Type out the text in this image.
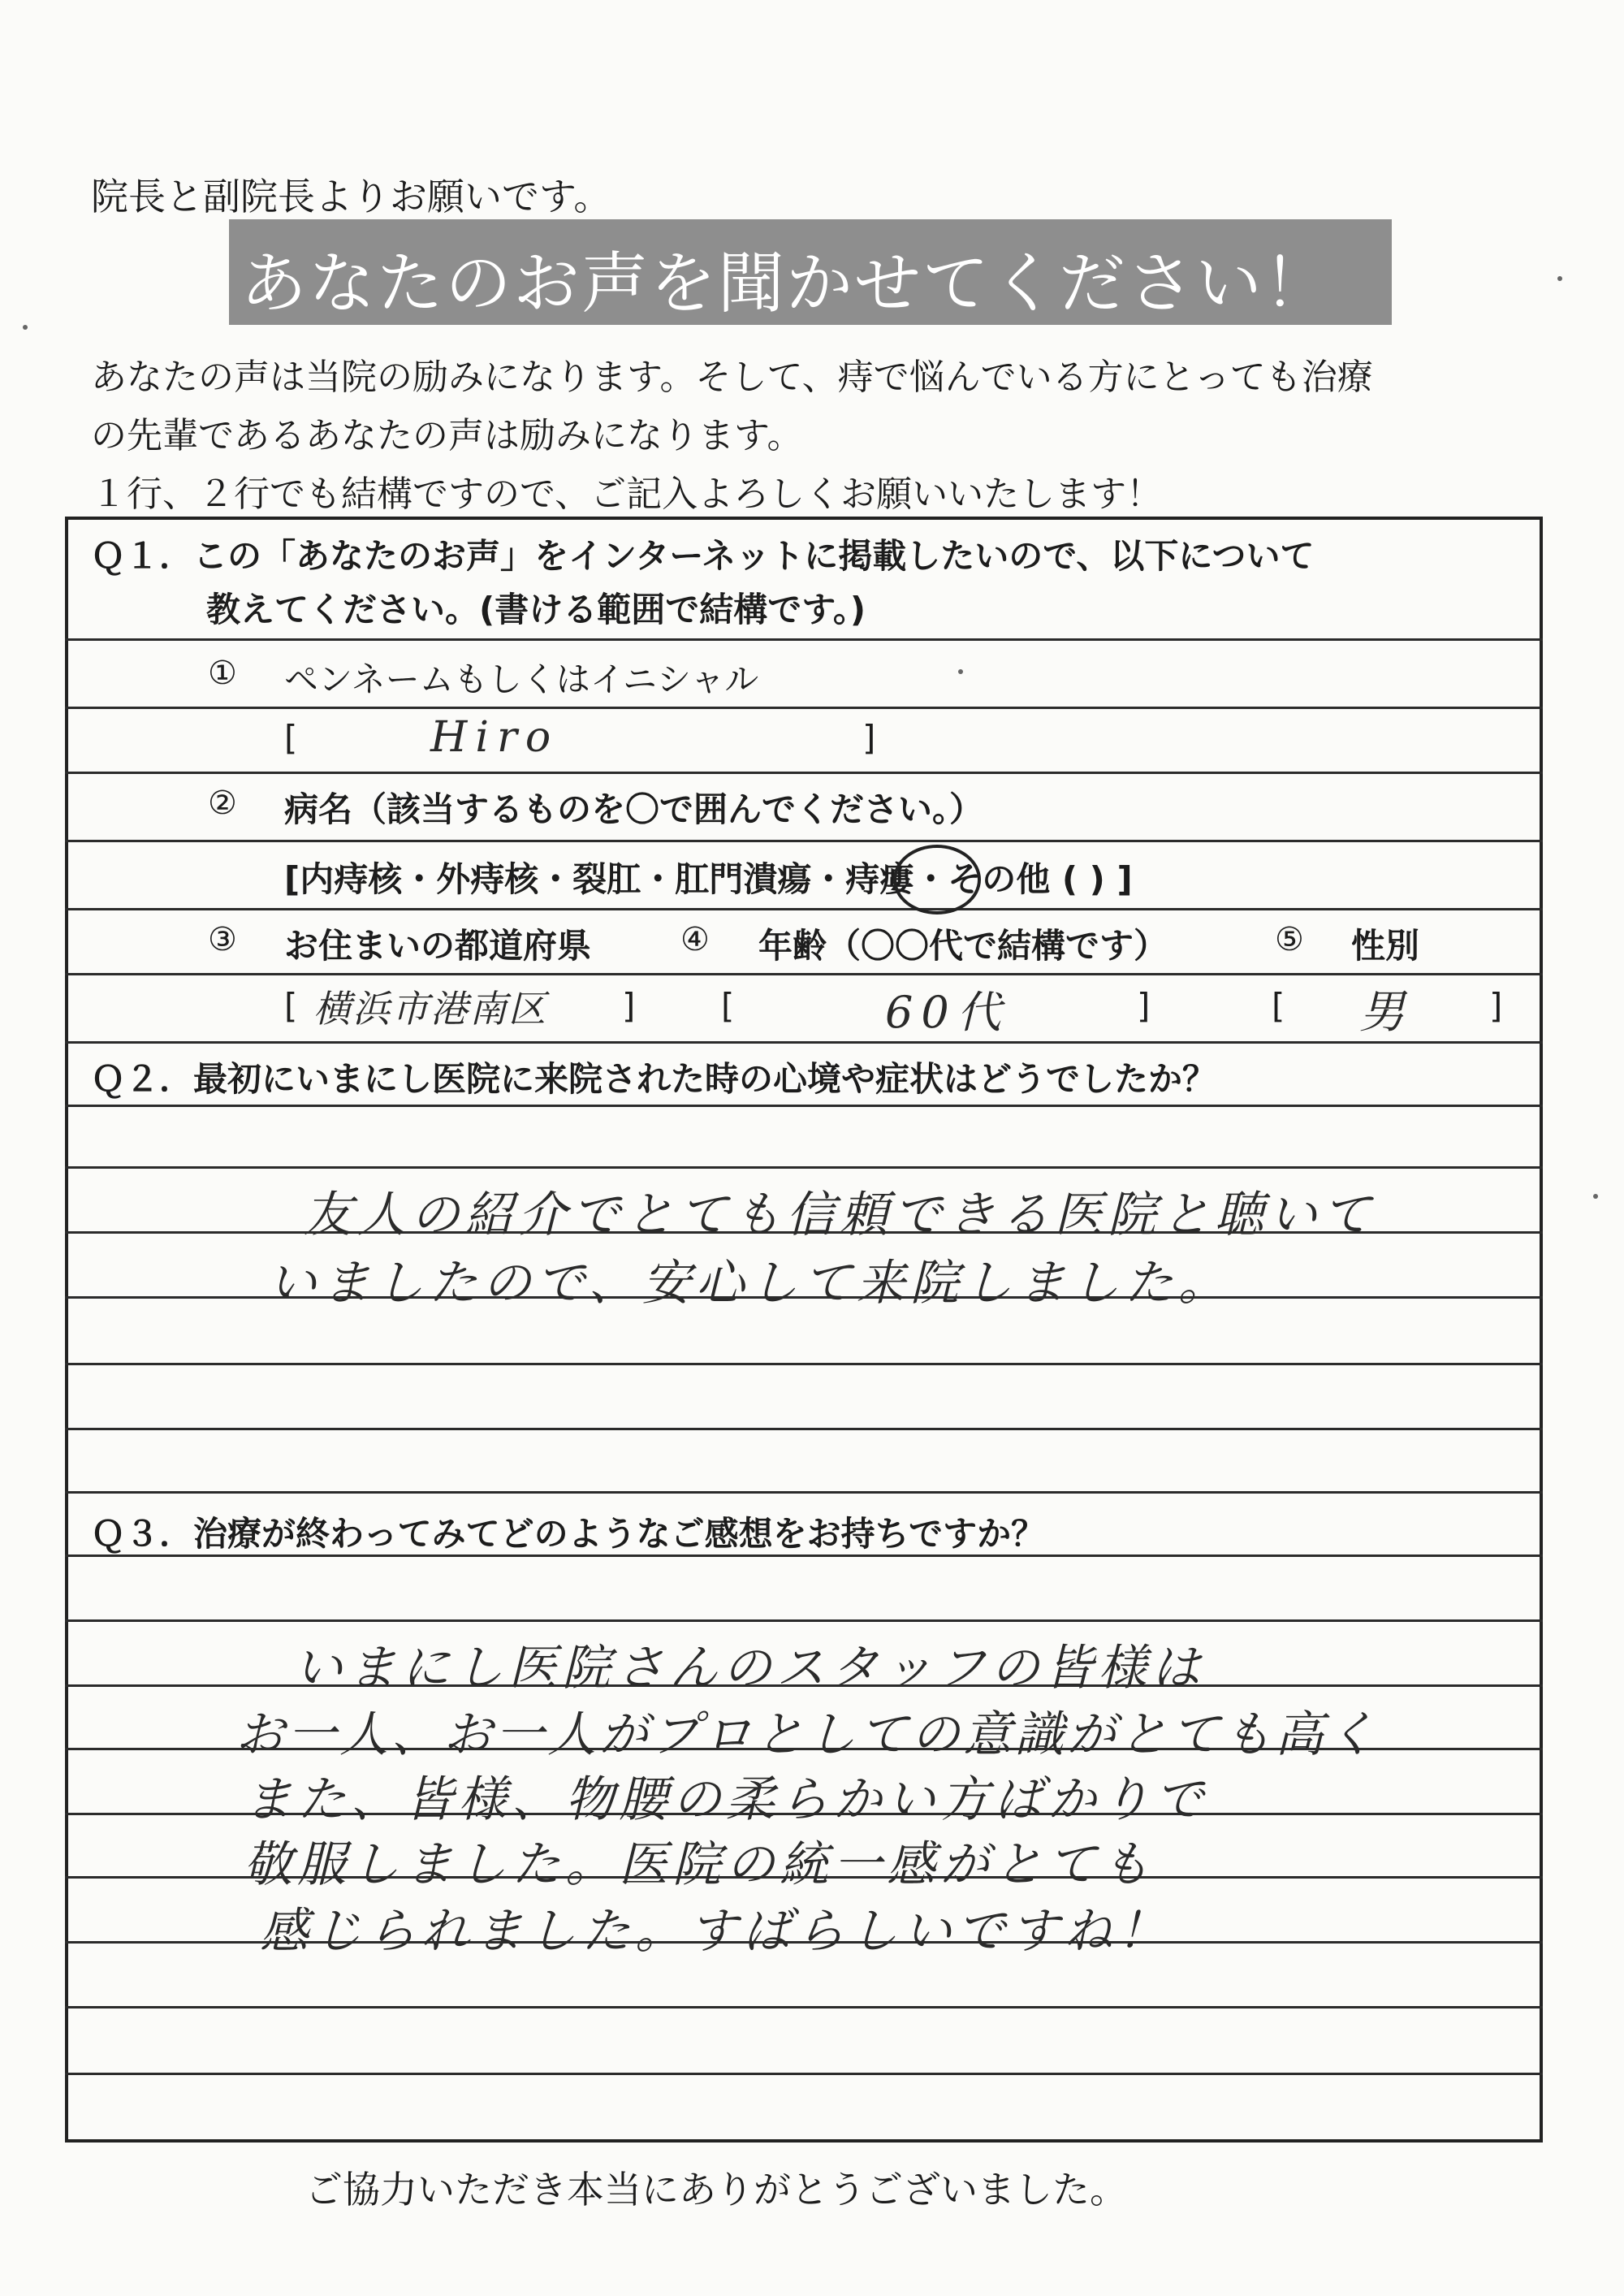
院長と副院長よりお願いです。
あなたのお声を聞かせてください！
あなたの声は当院の励みになります。そして、痔で悩んでいる方にとっても治療
の先輩であるあなたの声は励みになります。
１行、２行でも結構ですので、ご記入よろしくお願いいたします！
Ｑ１．この「あなたのお声」をインターネットに掲載したいので、以下について
教えてください。(書ける範囲で結構です。)
① ペンネームもしくはイニシャル
[	Hiro	]
② 病名（該当するものを〇で囲んでください。）
[内痔核・外痔核・裂肛・肛門潰瘍・痔瘻・その他 ( ) ]
③ お住まいの都道府県	④ 年齢（〇〇代で結構です）	⑤ 性別
[ 横浜市港南区 ]	[	60代	]	[ 男 ]
Ｑ２．最初にいまにし医院に来院された時の心境や症状はどうでしたか？
友人の紹介でとても信頼できる医院と聴いて
いましたので、安心して来院しました。
Ｑ３．治療が終わってみてどのようなご感想をお持ちですか？
いまにし医院さんのスタッフの皆様は
お一人、お一人がプロとしての意識がとても高く
また、皆様、物腰の柔らかい方ばかりで
敬服しました。医院の統一感がとても
感じられました。すばらしいですね！
ご協力いただき本当にありがとうございました。
